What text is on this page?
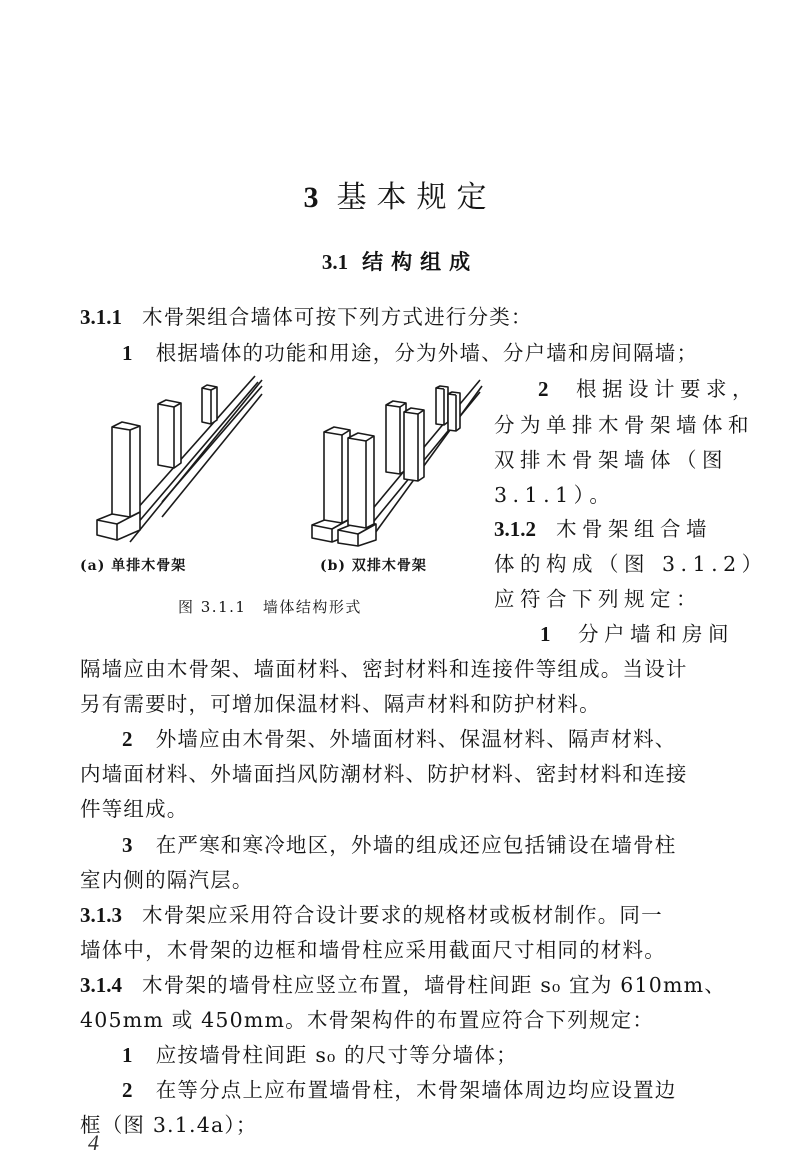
3 基本规定
3.1 结构组成
3.1.1 木骨架组合墙体可按下列方式进行分类：
1 根据墙体的功能和用途，分为外墙、分户墙和房间隔墙；
(a) 单排木骨架	(b) 双排木骨架
图 3.1.1　墙体结构形式
2 根据设计要求，
分为单排木骨架墙体和
双排木骨架墙体（图
3.1.1）。
3.1.2 木骨架组合墙
体的构成（图 3.1.2）
应符合下列规定：
1 分户墙和房间
隔墙应由木骨架、墙面材料、密封材料和连接件等组成。当设计
另有需要时，可增加保温材料、隔声材料和防护材料。
2 外墙应由木骨架、外墙面材料、保温材料、隔声材料、
内墙面材料、外墙面挡风防潮材料、防护材料、密封材料和连接
件等组成。
3 在严寒和寒冷地区，外墙的组成还应包括铺设在墙骨柱
室内侧的隔汽层。
3.1.3 木骨架应采用符合设计要求的规格材或板材制作。同一
墙体中，木骨架的边框和墙骨柱应采用截面尺寸相同的材料。
3.1.4 木骨架的墙骨柱应竖立布置，墙骨柱间距 s₀ 宜为 610mm、
405mm 或 450mm。木骨架构件的布置应符合下列规定：
1 应按墙骨柱间距 s₀ 的尺寸等分墙体；
2 在等分点上应布置墙骨柱，木骨架墙体周边均应设置边
框（图 3.1.4a）；
4
